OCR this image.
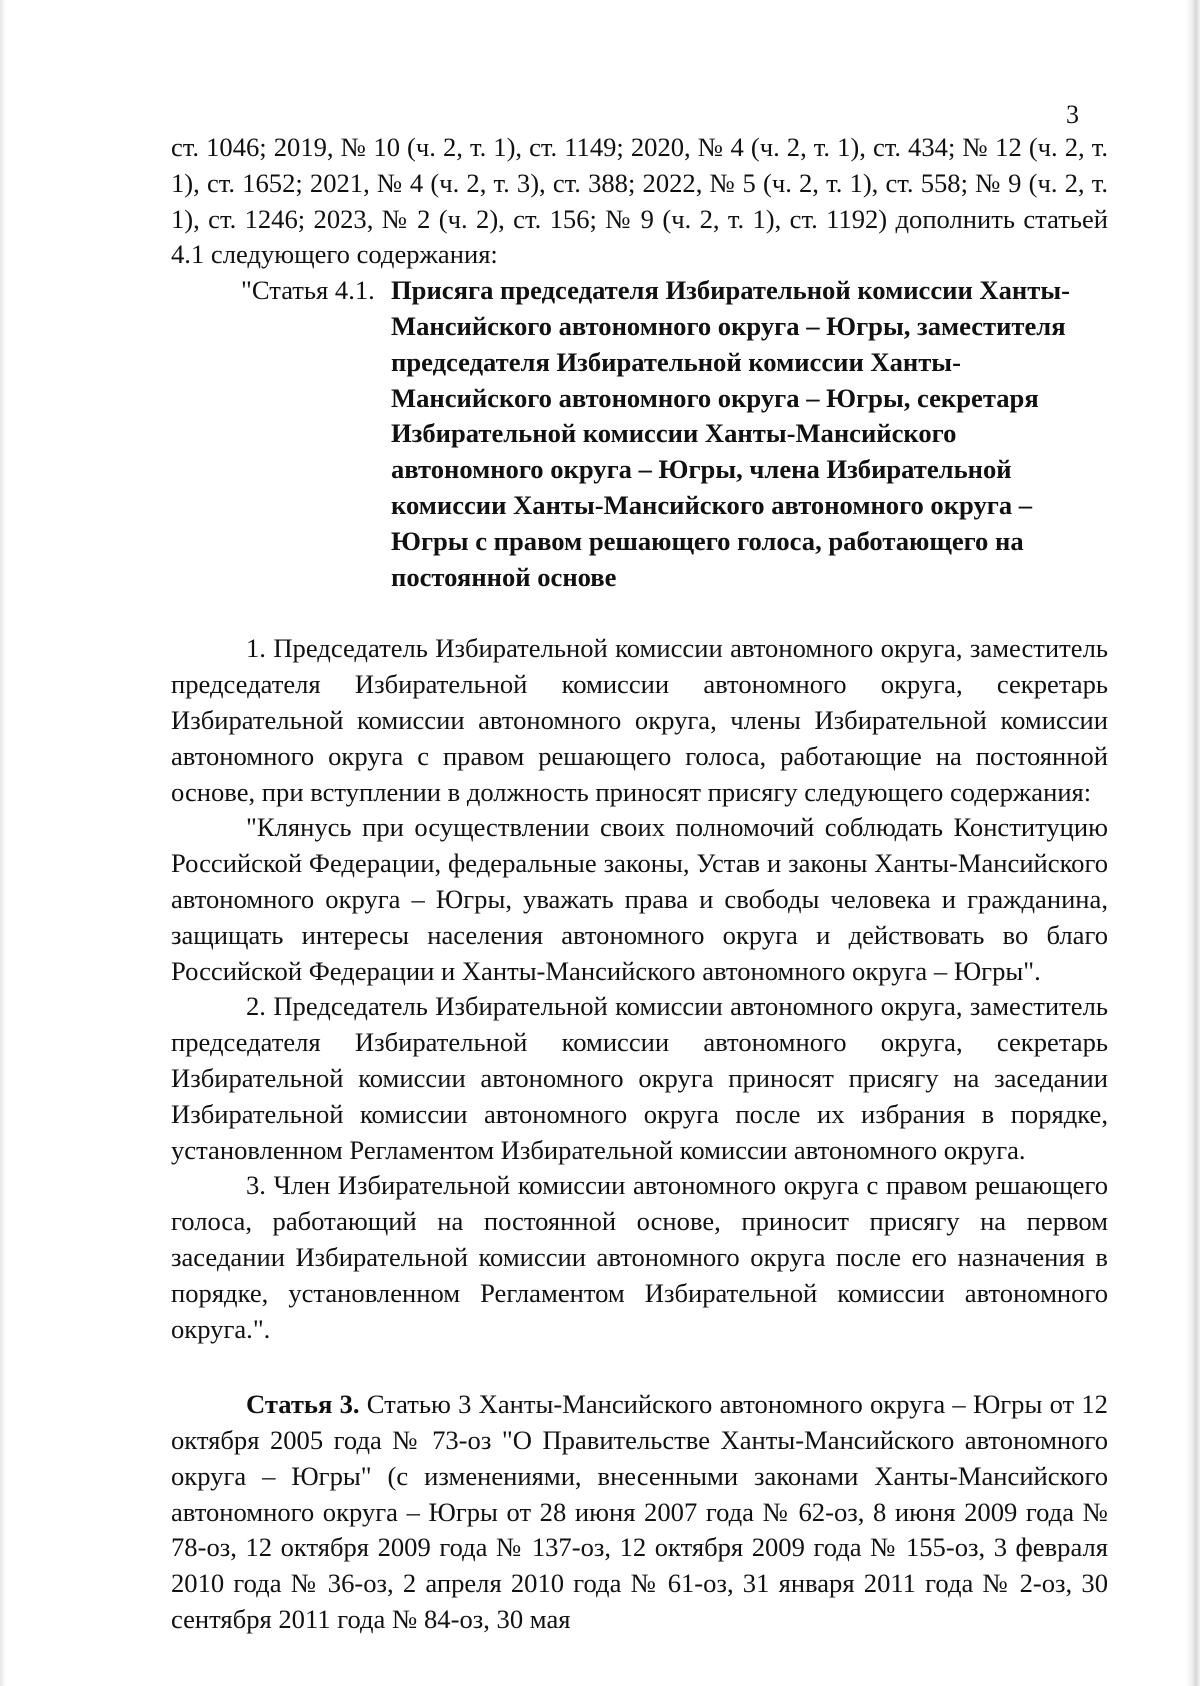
3

ст. 1046; 2019, № 10 (ч. 2, т. 1), ст. 1149; 2020, № 4 (ч. 2, т. 1), ст. 434; № 12 (ч. 2, т. 1), ст. 1652; 2021, № 4 (ч. 2, т. 3), ст. 388; 2022, № 5 (ч. 2, т. 1), ст. 558; № 9 (ч. 2, т. 1), ст. 1246; 2023, № 2 (ч. 2), ст. 156; № 9 (ч. 2, т. 1), ст. 1192) дополнить статьей 4.1 следующего содержания:

"Статья 4.1. Присяга председателя Избирательной комиссии Ханты-Мансийского автономного округа – Югры, заместителя председателя Избирательной комиссии Ханты-Мансийского автономного округа – Югры, секретаря Избирательной комиссии Ханты-Мансийского автономного округа – Югры, члена Избирательной комиссии Ханты-Мансийского автономного округа – Югры с правом решающего голоса, работающего на постоянной основе

1. Председатель Избирательной комиссии автономного округа, заместитель председателя Избирательной комиссии автономного округа, секретарь Избирательной комиссии автономного округа, члены Избирательной комиссии автономного округа с правом решающего голоса, работающие на постоянной основе, при вступлении в должность приносят присягу следующего содержания:

"Клянусь при осуществлении своих полномочий соблюдать Конституцию Российской Федерации, федеральные законы, Устав и законы Ханты-Мансийского автономного округа – Югры, уважать права и свободы человека и гражданина, защищать интересы населения автономного округа и действовать во благо Российской Федерации и Ханты-Мансийского автономного округа – Югры".

2. Председатель Избирательной комиссии автономного округа, заместитель председателя Избирательной комиссии автономного округа, секретарь Избирательной комиссии автономного округа приносят присягу на заседании Избирательной комиссии автономного округа после их избрания в порядке, установленном Регламентом Избирательной комиссии автономного округа.

3. Член Избирательной комиссии автономного округа с правом решающего голоса, работающий на постоянной основе, приносит присягу на первом заседании Избирательной комиссии автономного округа после его назначения в порядке, установленном Регламентом Избирательной комиссии автономного округа.".

Статья 3. Статью 3 Ханты-Мансийского автономного округа – Югры от 12 октября 2005 года № 73-оз "О Правительстве Ханты-Мансийского автономного округа – Югры" (с изменениями, внесенными законами Ханты-Мансийского автономного округа – Югры от 28 июня 2007 года № 62-оз, 8 июня 2009 года № 78-оз, 12 октября 2009 года № 137-оз, 12 октября 2009 года № 155-оз, 3 февраля 2010 года № 36-оз, 2 апреля 2010 года № 61-оз, 31 января 2011 года № 2-оз, 30 сентября 2011 года № 84-оз, 30 мая
